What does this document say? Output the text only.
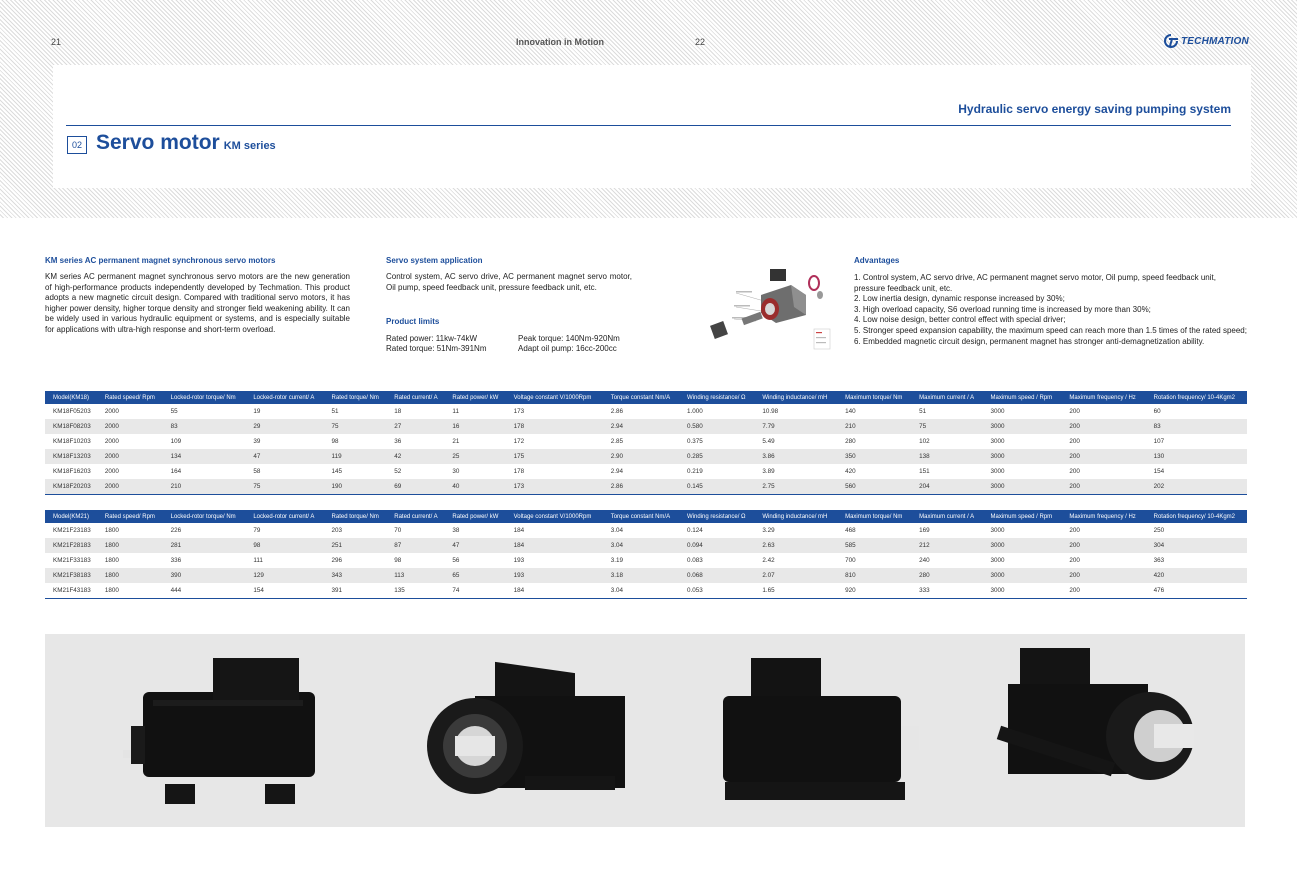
21	Innovation in Motion	22	TECHMATION
Hydraulic servo energy saving pumping system
02 Servo motor KM series
KM series AC permanent magnet synchronous servo motors
KM series AC permanent magnet synchronous servo motors are the new generation of high-performance products independently developed by Techmation. This product adopts a new magnetic circuit design. Compared with traditional servo motors, it has higher power density, higher torque density and stronger field weakening ability. It can be widely used in various hydraulic equipment or systems, and is especially suitable for applications with ultra-high response and short-term overload.
Servo system application
Control system, AC servo drive, AC permanent magnet servo motor, Oil pump, speed feedback unit, pressure feedback unit, etc.
Product limits
Rated power: 11kw-74kW
Rated torque: 51Nm-391Nm
Peak torque: 140Nm-920Nm
Adapt oil pump: 16cc-200cc
Advantages
1. Control system, AC servo drive, AC permanent magnet servo motor, Oil pump, speed feedback unit, pressure feedback unit, etc.
2. Low inertia design, dynamic response increased by 30%;
3. High overload capacity, S6 overload running time is increased by more than 30%;
4. Low noise design, better control effect with special driver;
5. Stronger speed expansion capability, the maximum speed can reach more than 1.5 times of the rated speed;
6. Embedded magnetic circuit design, permanent magnet has stronger anti-demagnetization ability.
Model(KM18)	Rated speed/ Rpm	Locked-rotor torque/ Nm	Locked-rotor current/ A	Rated torque/ Nm	Rated current/ A	Rated power/ kW	Voltage constant V/1000Rpm	Torque constant Nm/A	Winding resistance/ Ω	Winding inductance/ mH	Maximum torque/ Nm	Maximum current / A	Maximum speed / Rpm	Maximum frequency / Hz	Rotation frequency/ 10-4Kgm2
KM18F05203	2000	55	19	51	18	11	173	2.86	1.000	10.98	140	51	3000	200	60
KM18F08203	2000	83	29	75	27	16	178	2.94	0.580	7.79	210	75	3000	200	83
KM18F10203	2000	109	39	98	36	21	172	2.85	0.375	5.49	280	102	3000	200	107
KM18F13203	2000	134	47	119	42	25	175	2.90	0.285	3.86	350	138	3000	200	130
KM18F16203	2000	164	58	145	52	30	178	2.94	0.219	3.89	420	151	3000	200	154
KM18F20203	2000	210	75	190	69	40	173	2.86	0.145	2.75	560	204	3000	200	202
Model(KM21)	Rated speed/ Rpm	Locked-rotor torque/ Nm	Locked-rotor current/ A	Rated torque/ Nm	Rated current/ A	Rated power/ kW	Voltage constant V/1000Rpm	Torque constant Nm/A	Winding resistance/ Ω	Winding inductance/ mH	Maximum torque/ Nm	Maximum current / A	Maximum speed / Rpm	Maximum frequency / Hz	Rotation frequency/ 10-4Kgm2
KM21F23183	1800	226	79	203	70	38	184	3.04	0.124	3.29	468	169	3000	200	250
KM21F28183	1800	281	98	251	87	47	184	3.04	0.094	2.63	585	212	3000	200	304
KM21F33183	1800	336	111	296	98	56	193	3.19	0.083	2.42	700	240	3000	200	363
KM21F38183	1800	390	129	343	113	65	193	3.18	0.068	2.07	810	280	3000	200	420
KM21F43183	1800	444	154	391	135	74	184	3.04	0.053	1.65	920	333	3000	200	476
